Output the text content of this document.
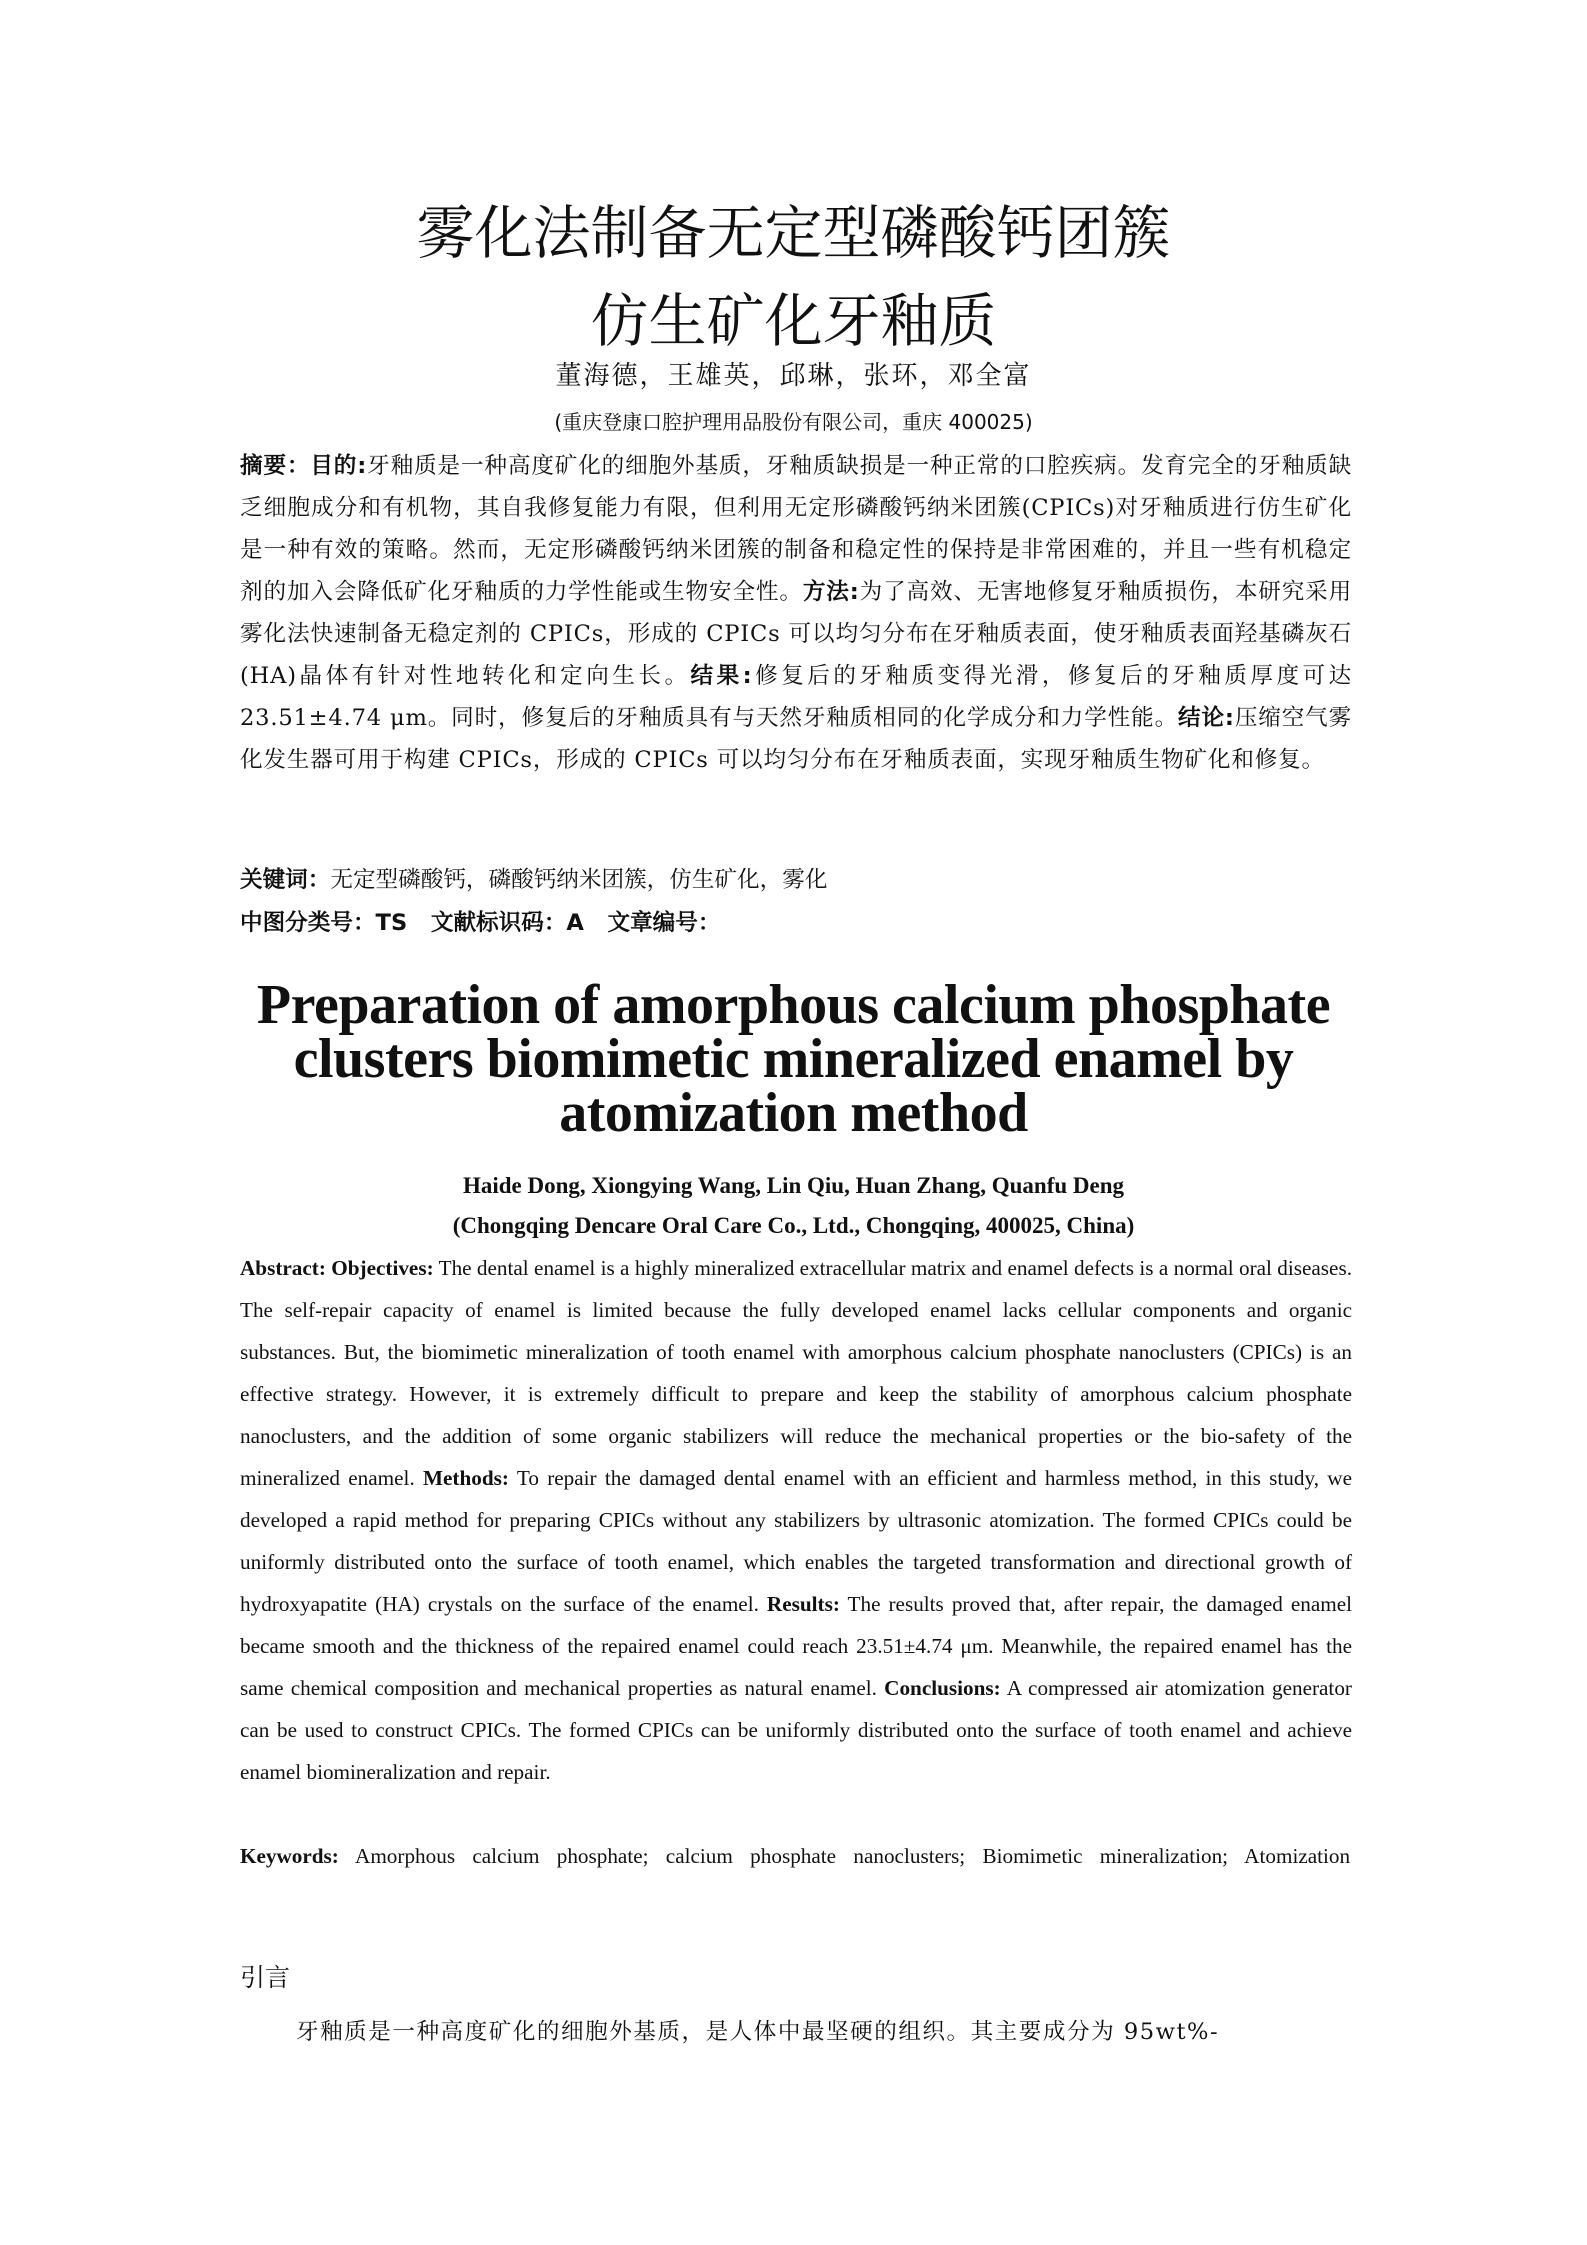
雾化法制备无定型磷酸钙团簇
仿生矿化牙釉质
董海德，王雄英，邱琳，张环，邓全富
(重庆登康口腔护理用品股份有限公司，重庆 400025)
摘要：目的:牙釉质是一种高度矿化的细胞外基质，牙釉质缺损是一种正常的口腔疾病。发育完全的牙釉质缺乏细胞成分和有机物，其自我修复能力有限，但利用无定形磷酸钙纳米团簇(CPICs)对牙釉质进行仿生矿化是一种有效的策略。然而，无定形磷酸钙纳米团簇的制备和稳定性的保持是非常困难的，并且一些有机稳定剂的加入会降低矿化牙釉质的力学性能或生物安全性。方法:为了高效、无害地修复牙釉质损伤，本研究采用雾化法快速制备无稳定剂的 CPICs，形成的 CPICs 可以均匀分布在牙釉质表面，使牙釉质表面羟基磷灰石(HA)晶体有针对性地转化和定向生长。结果:修复后的牙釉质变得光滑，修复后的牙釉质厚度可达 23.51±4.74 μm。同时，修复后的牙釉质具有与天然牙釉质相同的化学成分和力学性能。结论:压缩空气雾化发生器可用于构建 CPICs，形成的 CPICs 可以均匀分布在牙釉质表面，实现牙釉质生物矿化和修复。
关键词：无定型磷酸钙，磷酸钙纳米团簇，仿生矿化，雾化
中图分类号：TS   文献标识码：A   文章编号：
Preparation of amorphous calcium phosphate clusters biomimetic mineralized enamel by atomization method
Haide Dong, Xiongying Wang, Lin Qiu, Huan Zhang, Quanfu Deng
(Chongqing Dencare Oral Care Co., Ltd., Chongqing, 400025, China)
Abstract: Objectives: The dental enamel is a highly mineralized extracellular matrix and enamel defects is a normal oral diseases. The self-repair capacity of enamel is limited because the fully developed enamel lacks cellular components and organic substances. But, the biomimetic mineralization of tooth enamel with amorphous calcium phosphate nanoclusters (CPICs) is an effective strategy. However, it is extremely difficult to prepare and keep the stability of amorphous calcium phosphate nanoclusters, and the addition of some organic stabilizers will reduce the mechanical properties or the bio-safety of the mineralized enamel. Methods: To repair the damaged dental enamel with an efficient and harmless method, in this study, we developed a rapid method for preparing CPICs without any stabilizers by ultrasonic atomization. The formed CPICs could be uniformly distributed onto the surface of tooth enamel, which enables the targeted transformation and directional growth of hydroxyapatite (HA) crystals on the surface of the enamel. Results: The results proved that, after repair, the damaged enamel became smooth and the thickness of the repaired enamel could reach 23.51±4.74 μm. Meanwhile, the repaired enamel has the same chemical composition and mechanical properties as natural enamel. Conclusions: A compressed air atomization generator can be used to construct CPICs. The formed CPICs can be uniformly distributed onto the surface of tooth enamel and achieve enamel biomineralization and repair.
Keywords: Amorphous calcium phosphate; calcium phosphate nanoclusters; Biomimetic mineralization; Atomization
引言
牙釉质是一种高度矿化的细胞外基质，是人体中最坚硬的组织。其主要成分为 95wt%-
